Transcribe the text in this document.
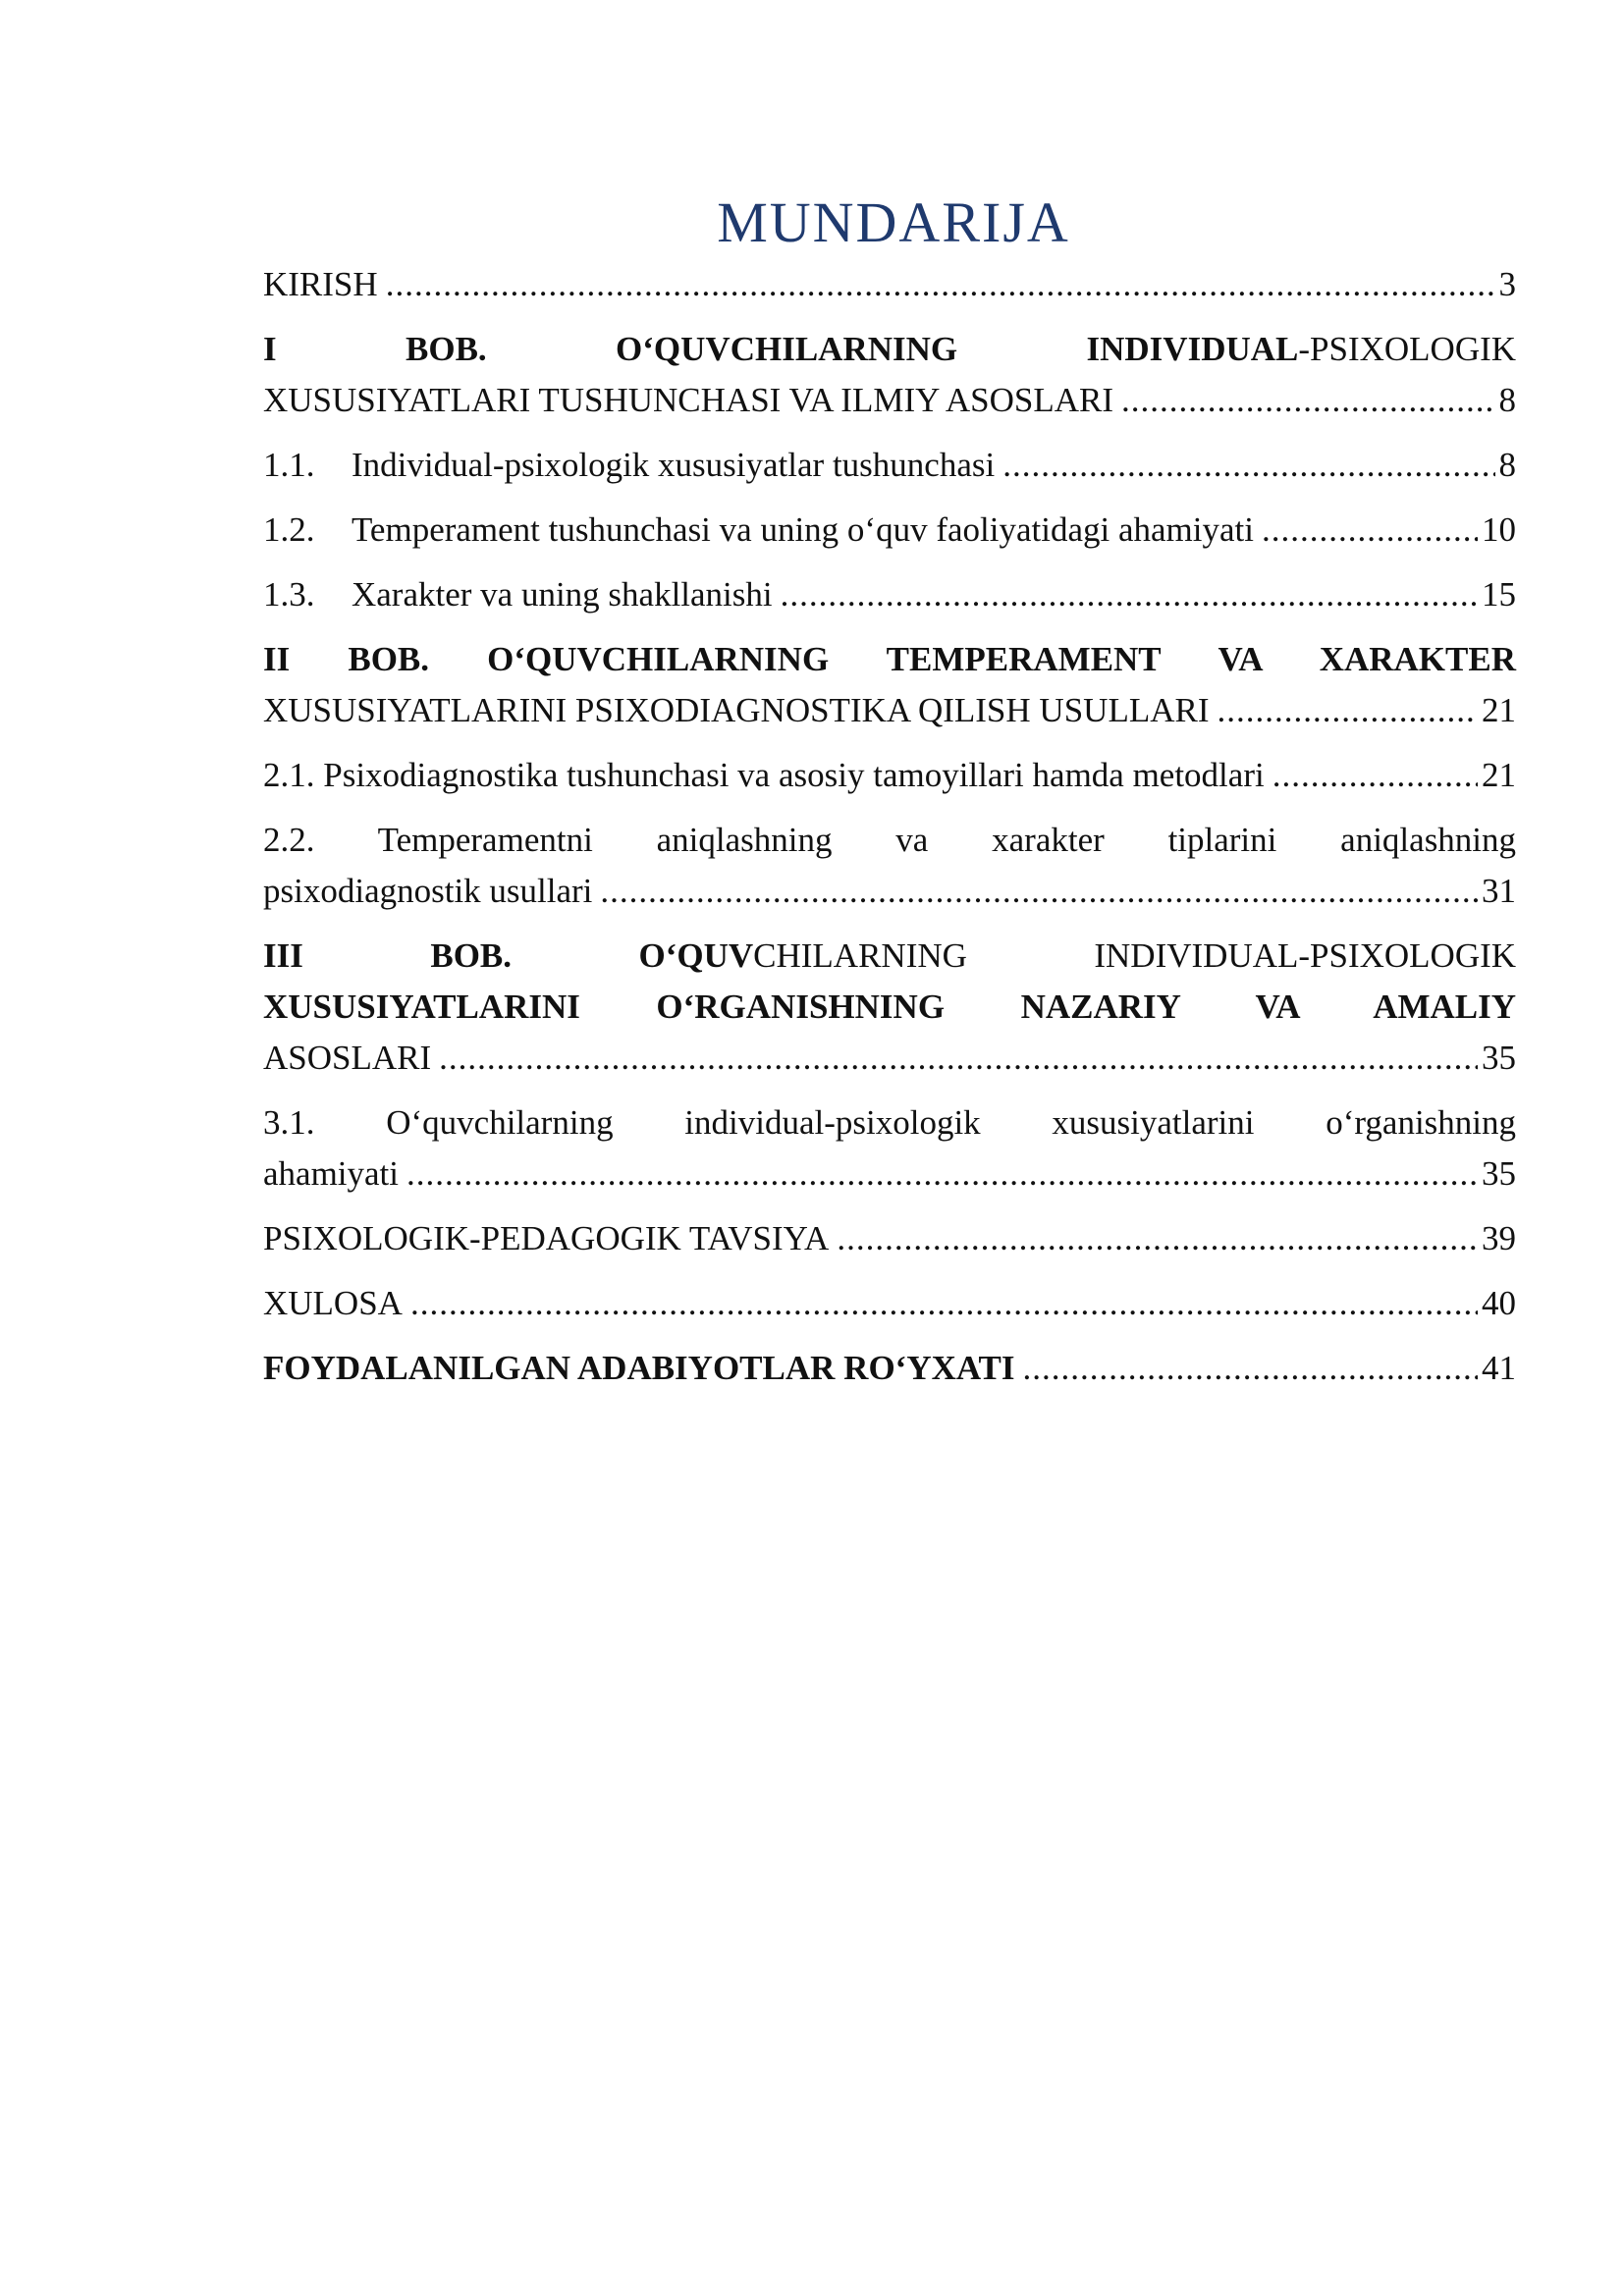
MUNDARIJA
KIRISH .....	3
I	BOB.	O‘QUVCHILARNING	INDIVIDUAL-PSIXOLOGIK
XUSUSIYATLARI TUSHUNCHASI VA ILMIY ASOSLARI .....	8
1.1. Individual-psixologik xususiyatlar tushunchasi .....	8
1.2. Temperament tushunchasi va uning o‘quv faoliyatidagi ahamiyati .....	10
1.3. Xarakter va uning shakllanishi .....	15
II BOB. O‘QUVCHILARNING TEMPERAMENT VA XARAKTER
XUSUSIYATLARINI PSIXODIAGNOSTIKA QILISH USULLARI .....	21
2.1. Psixodiagnostika tushunchasi va asosiy tamoyillari hamda metodlari .....	21
2.2. Temperamentni aniqlashning va xarakter tiplarini aniqlashning
psixodiagnostik usullari .....	31
III	BOB.	O‘QUVCHILARNING	INDIVIDUAL-PSIXOLOGIK
XUSUSIYATLARINI O‘RGANISHNING NAZARIY VA AMALIY
ASOSLARI .....	35
3.1. O‘quvchilarning individual-psixologik xususiyatlarini o‘rganishning
ahamiyati .....	35
PSIXOLOGIK-PEDAGOGIK TAVSIYA .....	39
XULOSA .....	40
FOYDALANILGAN ADABIYOTLAR RO‘YXATI .....	41
